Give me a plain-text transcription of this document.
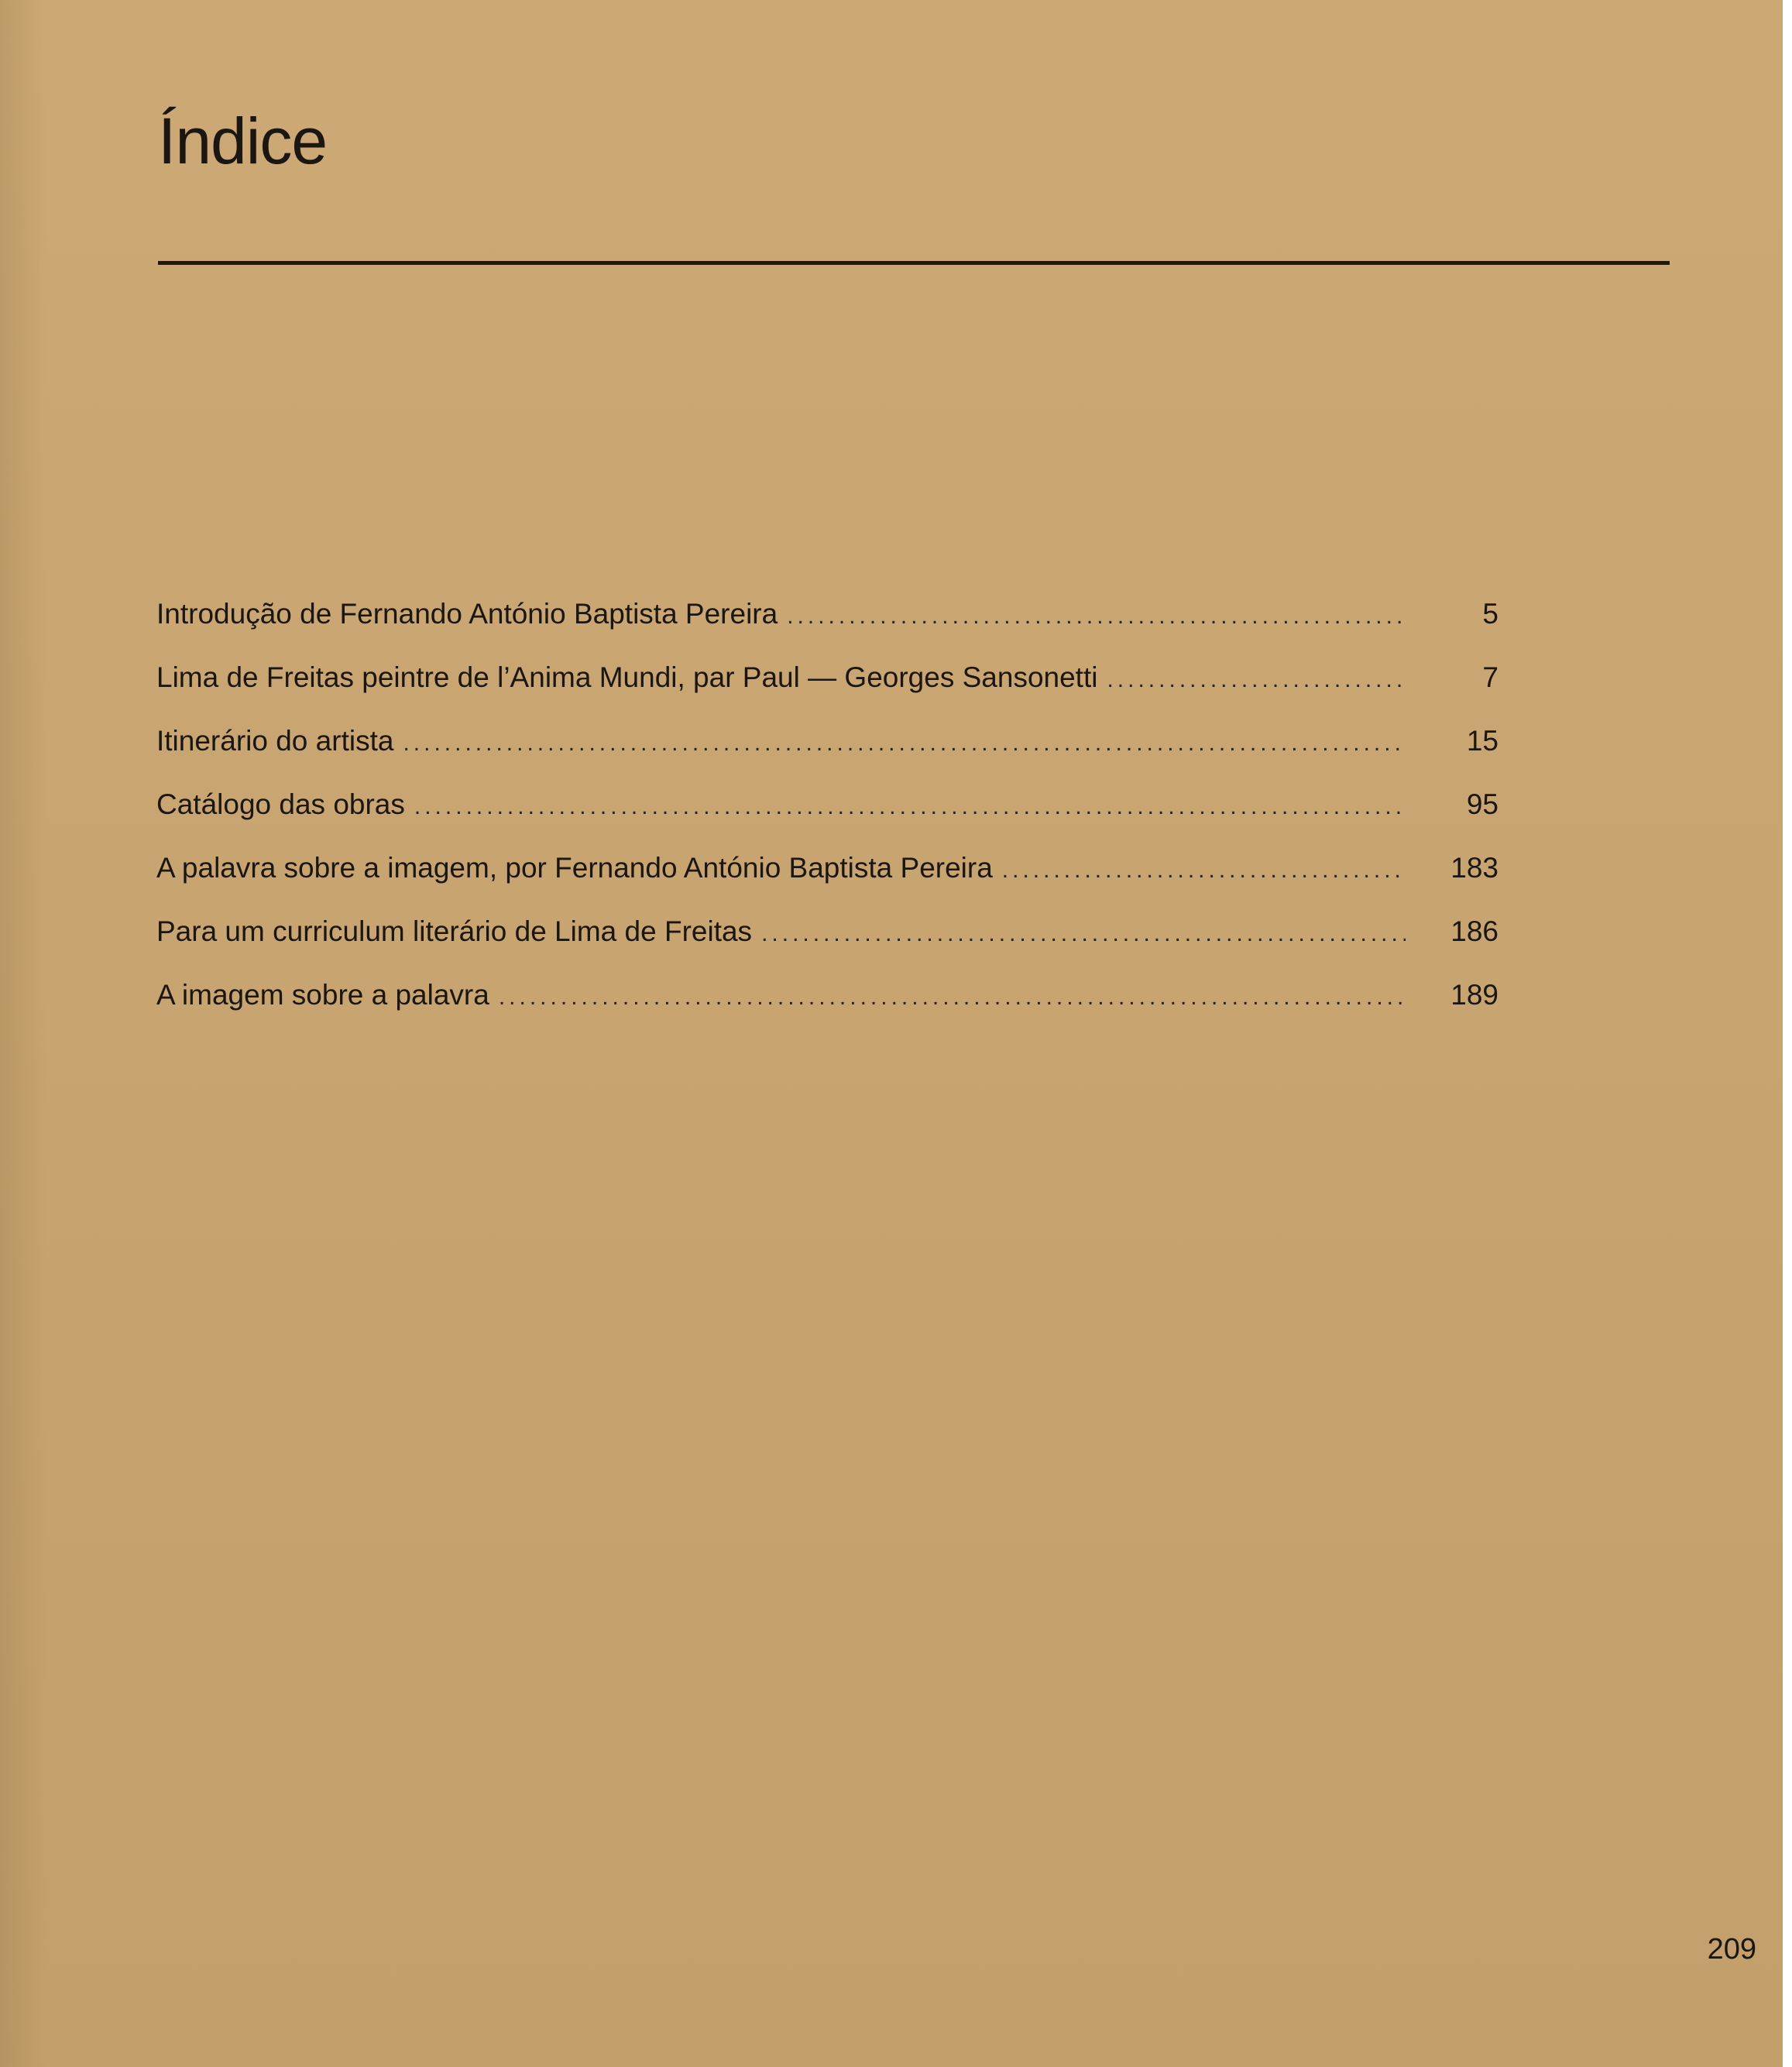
Índice
Introdução de Fernando António Baptista Pereira .....	5
Lima de Freitas peintre de l’Anima Mundi, par Paul — Georges Sansonetti .....	7
Itinerário do artista .....	15
Catálogo das obras .....	95
A palavra sobre a imagem, por Fernando António Baptista Pereira .....	183
Para um curriculum literário de Lima de Freitas .....	186
A imagem sobre a palavra .....	189
209
